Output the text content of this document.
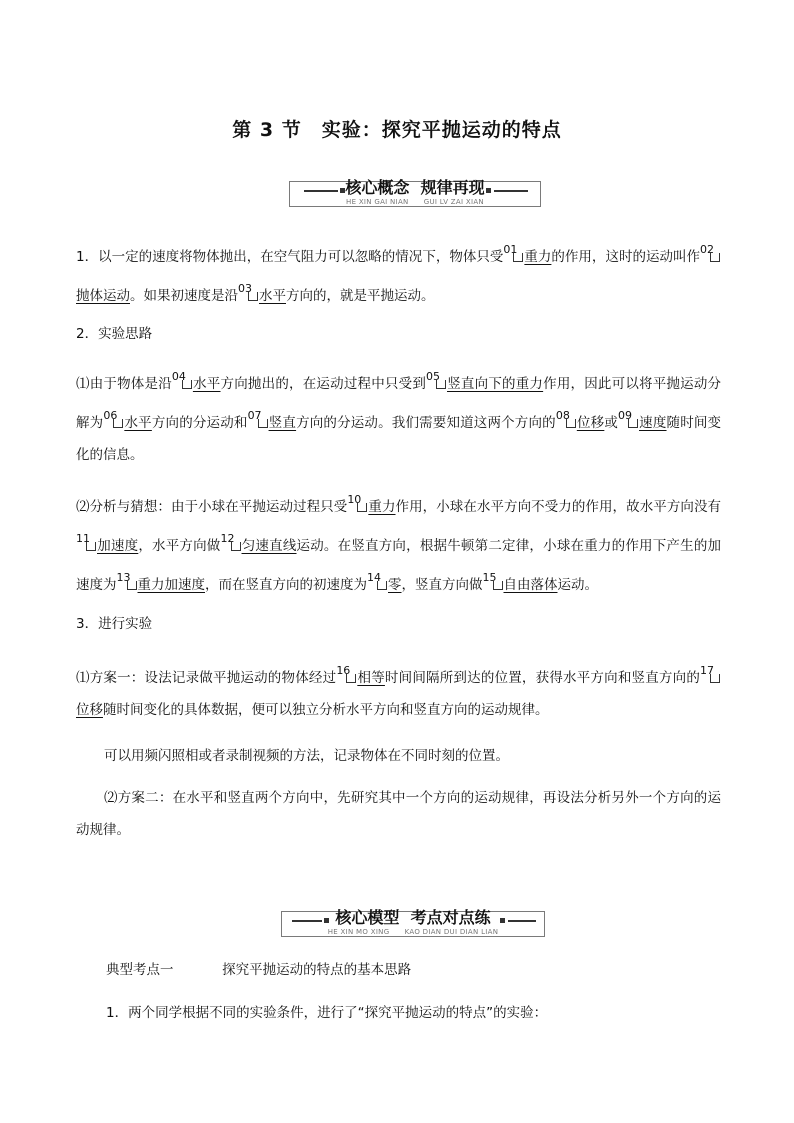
第 3 节　实验：探究平抛运动的特点
核心概念  规律再现
HE XIN GAI NIAN      GUI LV ZAI XIAN
1．以一定的速度将物体抛出，在空气阻力可以忽略的情况下，物体只受$^{01}$ 重力的作用，这时的运动叫作$^{02}$抛体运动。如果初速度是沿$^{03}$ 水平方向的，就是平抛运动。
2．实验思路
⑴由于物体是沿$^{04}$ 水平方向抛出的，在运动过程中只受到$^{05}$ 竖直向下的重力作用，因此可以将平抛运动分解为$^{06}$ 水平方向的分运动和$^{07}$ 竖直方向的分运动。我们需要知道这两个方向的$^{08}$ 位移或$^{09}$ 速度随时间变化的信息。
⑵分析与猜想：由于小球在平抛运动过程只受$^{10}$ 重力作用，小球在水平方向不受力的作用，故水平方向没有$^{11}$ 加速度，水平方向做$^{12}$ 匀速直线运动。在竖直方向，根据牛顿第二定律，小球在重力的作用下产生的加速度为$^{13}$ 重力加速度，而在竖直方向的初速度为$^{14}$ 零，竖直方向做$^{15}$ 自由落体运动。
3．进行实验
⑴方案一：设法记录做平抛运动的物体经过$^{16}$ 相等时间间隔所到达的位置，获得水平方向和竖直方向的$^{17}$位移随时间变化的具体数据，便可以独立分析水平方向和竖直方向的运动规律。
可以用频闪照相或者录制视频的方法，记录物体在不同时刻的位置。
⑵方案二：在水平和竖直两个方向中，先研究其中一个方向的运动规律，再设法分析另外一个方向的运动规律。
核心模型  考点对点练
HE XIN MO XING      KAO DIAN DUI DIAN LIAN
典型考点一	探究平抛运动的特点的基本思路
1．两个同学根据不同的实验条件，进行了“探究平抛运动的特点”的实验：
